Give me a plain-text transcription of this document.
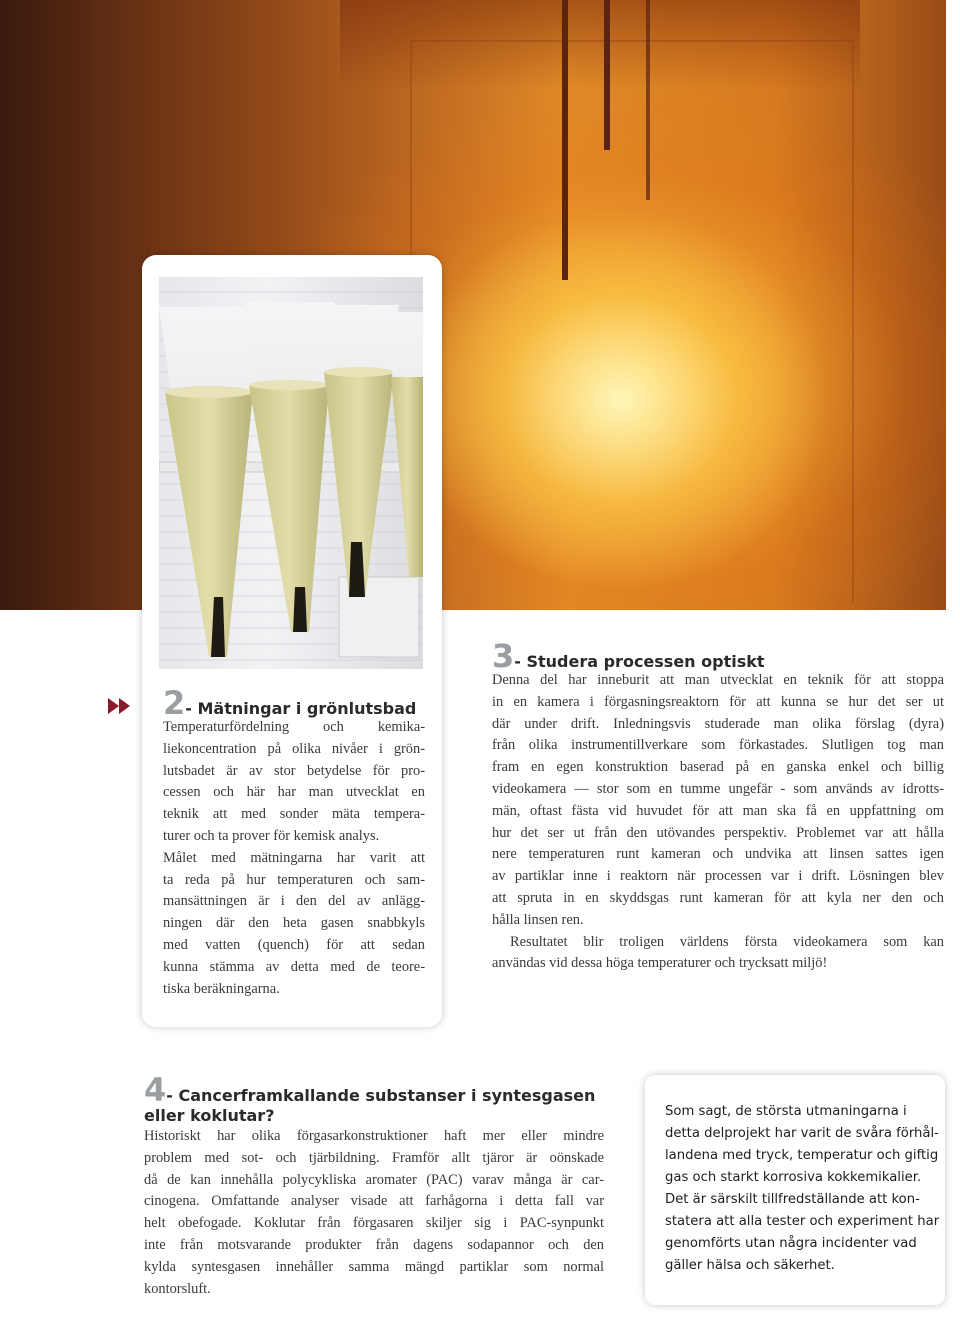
2- Mätningar i grönlutsbad
Temperaturfördelning och kemika-
liekoncentration på olika nivåer i grön-
lutsbadet är av stor betydelse för pro-
cessen och här har man utvecklat en
teknik att med sonder mäta tempera-
turer och ta prover för kemisk analys.
Målet med mätningarna har varit att
ta reda på hur temperaturen och sam-
mansättningen är i den del av anlägg-
ningen där den heta gasen snabbkyls
med vatten (quench) för att sedan
kunna stämma av detta med de teore-
tiska beräkningarna.
3- Studera processen optiskt
Denna del har inneburit att man utvecklat en teknik för att stoppa
in en kamera i förgasningsreaktorn för att kunna se hur det ser ut
där under drift. Inledningsvis studerade man olika förslag (dyra)
från olika instrumentillverkare som förkastades. Slutligen tog man
fram en egen konstruktion baserad på en ganska enkel och billig
videokamera — stor som en tumme ungefär - som används av idrotts-
män, oftast fästa vid huvudet för att man ska få en uppfattning om
hur det ser ut från den utövandes perspektiv. Problemet var att hålla
nere temperaturen runt kameran och undvika att linsen sattes igen
av partiklar inne i reaktorn när processen var i drift. Lösningen blev
att spruta in en skyddsgas runt kameran för att kyla ner den och
hålla linsen ren.
Resultatet blir troligen världens första videokamera som kan
användas vid dessa höga temperaturer och trycksatt miljö!
4- Cancerframkallande substanser i syntesgasen
eller koklutar?
Historiskt har olika förgasarkonstruktioner haft mer eller mindre
problem med sot- och tjärbildning. Framför allt tjäror är oönskade
då de kan innehålla polycykliska aromater (PAC) varav många är car-
cinogena. Omfattande analyser visade att farhågorna i detta fall var
helt obefogade. Koklutar från förgasaren skiljer sig i PAC-synpunkt
inte från motsvarande produkter från dagens sodapannor och den
kylda syntesgasen innehåller samma mängd partiklar som normal
kontorsluft.
Som sagt, de största utmaningarna i
detta delprojekt har varit de svåra förhål-
landena med tryck, temperatur och giftig
gas och starkt korrosiva kokkemikalier.
Det är särskilt tillfredställande att kon-
statera att alla tester och experiment har
genomförts utan några incidenter vad
gäller hälsa och säkerhet.
